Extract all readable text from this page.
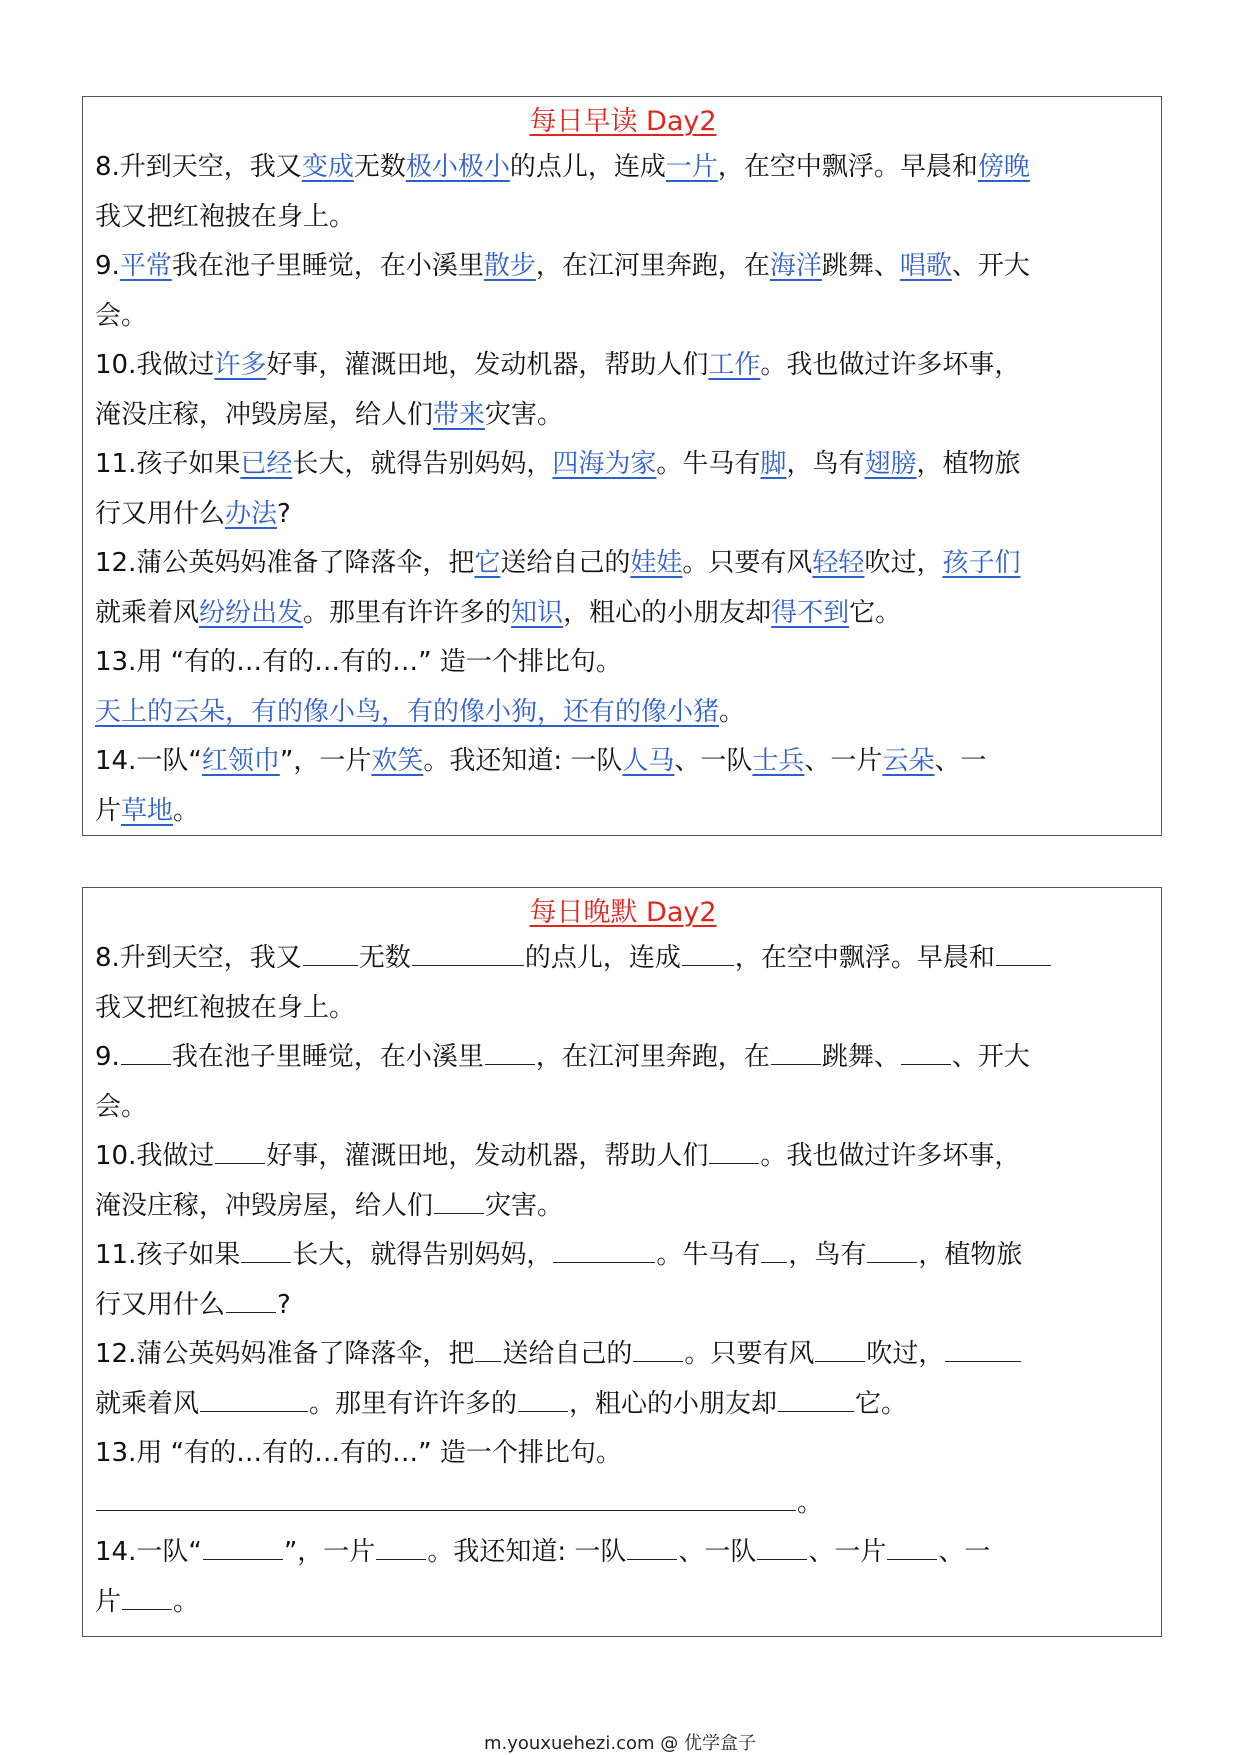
每日早读 Day2
8.升到天空，我又变成无数极小极小的点儿，连成一片，在空中飘浮。早晨和傍晚
我又把红袍披在身上。
9.平常我在池子里睡觉，在小溪里散步，在江河里奔跑，在海洋跳舞、唱歌、开大
会。
10.我做过许多好事，灌溉田地，发动机器，帮助人们工作。我也做过许多坏事，
淹没庄稼，冲毁房屋，给人们带来灾害。
11.孩子如果已经长大，就得告别妈妈，四海为家。牛马有脚，鸟有翅膀，植物旅
行又用什么办法?
12.蒲公英妈妈准备了降落伞，把它送给自己的娃娃。只要有风轻轻吹过，孩子们
就乘着风纷纷出发。那里有许许多的知识，粗心的小朋友却得不到它。
13.用 “有的…有的…有的…” 造一个排比句。
天上的云朵，有的像小鸟，有的像小狗，还有的像小猪。
14.一队“红领巾”，一片欢笑。我还知道: 一队人马、一队士兵、一片云朵、一
片草地。
每日晚默 Day2
8.升到天空，我又 无数	的点儿，连成 ，在空中飘浮。早晨和
我又把红袍披在身上。
9. 我在池子里睡觉，在小溪里 ，在江河里奔跑，在 跳舞、 、开大
会。
10.我做过 好事，灌溉田地，发动机器，帮助人们 。我也做过许多坏事，
淹没庄稼，冲毁房屋，给人们 灾害。
11.孩子如果 长大，就得告别妈妈，	。牛马有 ，鸟有 ，植物旅
行又用什么 ?
12.蒲公英妈妈准备了降落伞，把 送给自己的 。只要有风 吹过，
就乘着风	。那里有许许多的 ，粗心的小朋友却	它。
13.用 “有的…有的…有的…” 造一个排比句。
。
14.一队“	”，一片 。我还知道: 一队 、一队 、一片 、一
片 。
m.youxuehezi.com @ 优学盒子
